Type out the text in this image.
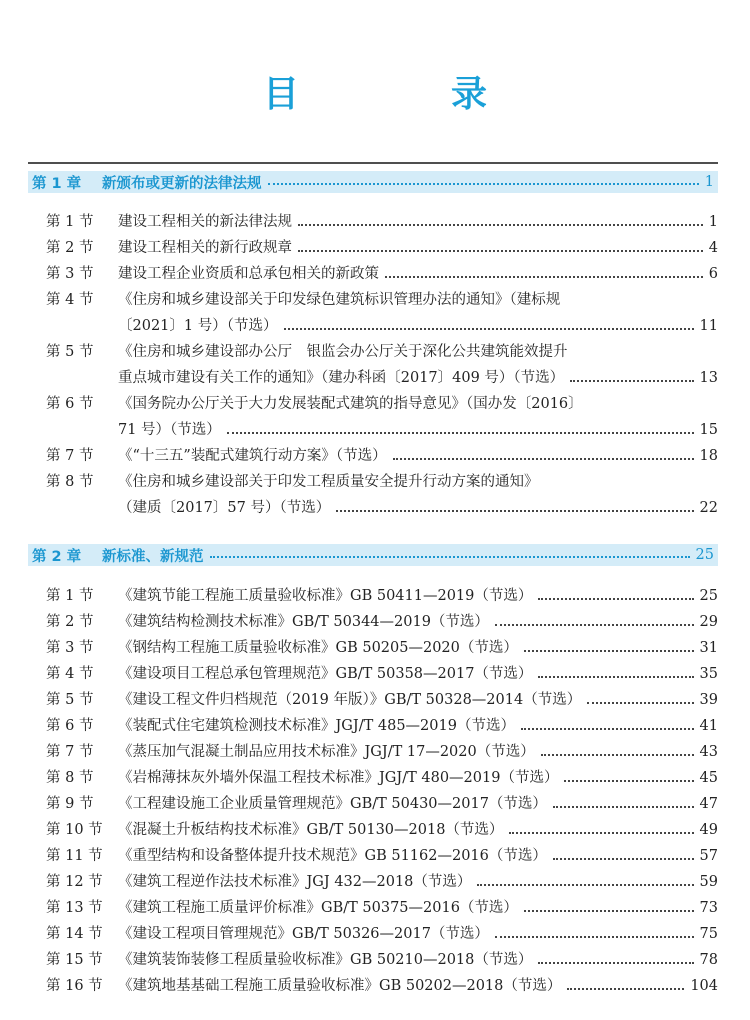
目　录
第 1 章	新颁布或更新的法律法规	1
第 1 节 建设工程相关的新法律法规	1
第 2 节 建设工程相关的新行政规章	4
第 3 节 建设工程企业资质和总承包相关的新政策	6
第 4 节 《住房和城乡建设部关于印发绿色建筑标识管理办法的通知》（建标规
〔2021〕1 号）（节选）	11
第 5 节 《住房和城乡建设部办公厅　银监会办公厅关于深化公共建筑能效提升
重点城市建设有关工作的通知》（建办科函〔2017〕409 号）（节选）	13
第 6 节 《国务院办公厅关于大力发展装配式建筑的指导意见》（国办发〔2016〕
71 号）（节选）	15
第 7 节 《“十三五”装配式建筑行动方案》（节选）	18
第 8 节 《住房和城乡建设部关于印发工程质量安全提升行动方案的通知》
（建质〔2017〕57 号）（节选）	22
第 2 章	新标准、新规范	25
第 1 节 《建筑节能工程施工质量验收标准》GB 50411—2019（节选）	25
第 2 节 《建筑结构检测技术标准》GB/T 50344—2019（节选）	29
第 3 节 《钢结构工程施工质量验收标准》GB 50205—2020（节选）	31
第 4 节 《建设项目工程总承包管理规范》GB/T 50358—2017（节选）	35
第 5 节 《建设工程文件归档规范（2019 年版）》GB/T 50328—2014（节选）	39
第 6 节 《装配式住宅建筑检测技术标准》JGJ/T 485—2019（节选）	41
第 7 节 《蒸压加气混凝土制品应用技术标准》JGJ/T 17—2020（节选）	43
第 8 节 《岩棉薄抹灰外墙外保温工程技术标准》JGJ/T 480—2019（节选）	45
第 9 节 《工程建设施工企业质量管理规范》GB/T 50430—2017（节选）	47
第 10 节 《混凝土升板结构技术标准》GB/T 50130—2018（节选）	49
第 11 节 《重型结构和设备整体提升技术规范》GB 51162—2016（节选）	57
第 12 节 《建筑工程逆作法技术标准》JGJ 432—2018（节选）	59
第 13 节 《建筑工程施工质量评价标准》GB/T 50375—2016（节选）	73
第 14 节 《建设工程项目管理规范》GB/T 50326—2017（节选）	75
第 15 节 《建筑装饰装修工程质量验收标准》GB 50210—2018（节选）	78
第 16 节 《建筑地基基础工程施工质量验收标准》GB 50202—2018（节选）	104
